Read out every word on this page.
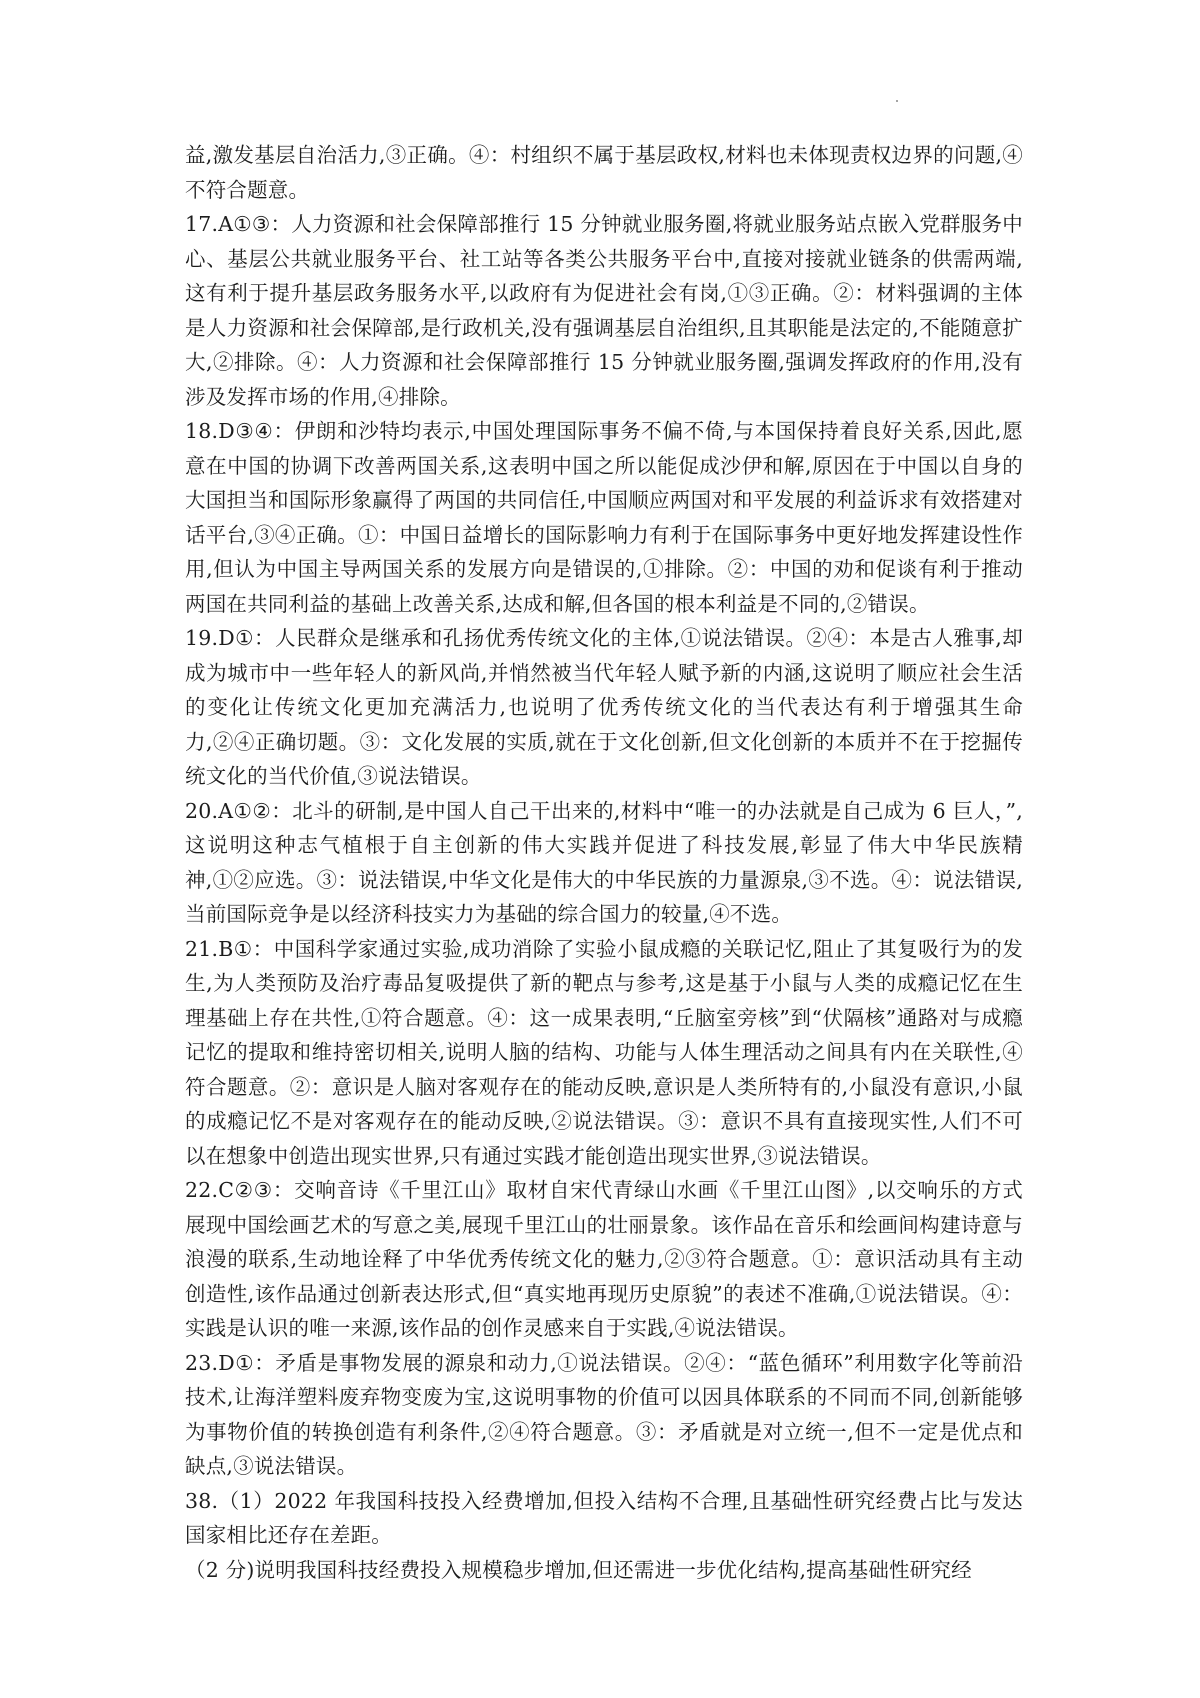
益,激发基层自治活力,③正确。④：村组织不属于基层政权,材料也未体现责权边界的问题,④不符合题意。

17.A①③：人力资源和社会保障部推行 15 分钟就业服务圈,将就业服务站点嵌入党群服务中心、基层公共就业服务平台、社工站等各类公共服务平台中,直接对接就业链条的供需两端,这有利于提升基层政务服务水平,以政府有为促进社会有岗,①③正确。②：材料强调的主体是人力资源和社会保障部,是行政机关,没有强调基层自治组织,且其职能是法定的,不能随意扩大,②排除。④：人力资源和社会保障部推行 15 分钟就业服务圈,强调发挥政府的作用,没有涉及发挥市场的作用,④排除。

18.D③④：伊朗和沙特均表示,中国处理国际事务不偏不倚,与本国保持着良好关系,因此,愿意在中国的协调下改善两国关系,这表明中国之所以能促成沙伊和解,原因在于中国以自身的大国担当和国际形象赢得了两国的共同信任,中国顺应两国对和平发展的利益诉求有效搭建对话平台,③④正确。①：中国日益增长的国际影响力有利于在国际事务中更好地发挥建设性作用,但认为中国主导两国关系的发展方向是错误的,①排除。②：中国的劝和促谈有利于推动两国在共同利益的基础上改善关系,达成和解,但各国的根本利益是不同的,②错误。

19.D①：人民群众是继承和孔扬优秀传统文化的主体,①说法错误。②④：本是古人雅事,却成为城市中一些年轻人的新风尚,并悄然被当代年轻人赋予新的内涵,这说明了顺应社会生活的变化让传统文化更加充满活力,也说明了优秀传统文化的当代表达有利于增强其生命力,②④正确切题。③：文化发展的实质,就在于文化创新,但文化创新的本质并不在于挖掘传统文化的当代价值,③说法错误。

20.A①②：北斗的研制,是中国人自己干出来的,材料中“唯一的办法就是自己成为 6 巨人，”,这说明这种志气植根于自主创新的伟大实践并促进了科技发展,彰显了伟大中华民族精神,①②应选。③：说法错误,中华文化是伟大的中华民族的力量源泉,③不选。④：说法错误,当前国际竞争是以经济科技实力为基础的综合国力的较量,④不选。

21.B①：中国科学家通过实验,成功消除了实验小鼠成瘾的关联记忆,阻止了其复吸行为的发生,为人类预防及治疗毒品复吸提供了新的靶点与参考,这是基于小鼠与人类的成瘾记忆在生理基础上存在共性,①符合题意。④：这一成果表明,“丘脑室旁核”到“伏隔核”通路对与成瘾记忆的提取和维持密切相关,说明人脑的结构、功能与人体生理活动之间具有内在关联性,④符合题意。②：意识是人脑对客观存在的能动反映,意识是人类所特有的,小鼠没有意识,小鼠的成瘾记忆不是对客观存在的能动反映,②说法错误。③：意识不具有直接现实性,人们不可以在想象中创造出现实世界,只有通过实践才能创造出现实世界,③说法错误。

22.C②③：交响音诗《千里江山》取材自宋代青绿山水画《千里江山图》,以交响乐的方式展现中国绘画艺术的写意之美,展现千里江山的壮丽景象。该作品在音乐和绘画间构建诗意与浪漫的联系,生动地诠释了中华优秀传统文化的魅力,②③符合题意。①：意识活动具有主动创造性,该作品通过创新表达形式,但“真实地再现历史原貌”的表述不准确,①说法错误。④：实践是认识的唯一来源,该作品的创作灵感来自于实践,④说法错误。

23.D①：矛盾是事物发展的源泉和动力,①说法错误。②④：“蓝色循环”利用数字化等前沿技术,让海洋塑料废弃物变废为宝,这说明事物的价值可以因具体联系的不同而不同,创新能够为事物价值的转换创造有利条件,②④符合题意。③：矛盾就是对立统一,但不一定是优点和缺点,③说法错误。

38.（1）2022 年我国科技投入经费增加,但投入结构不合理,且基础性研究经费占比与发达国家相比还存在差距。

（2 分)说明我国科技经费投入规模稳步增加,但还需进一步优化结构,提高基础性研究经
